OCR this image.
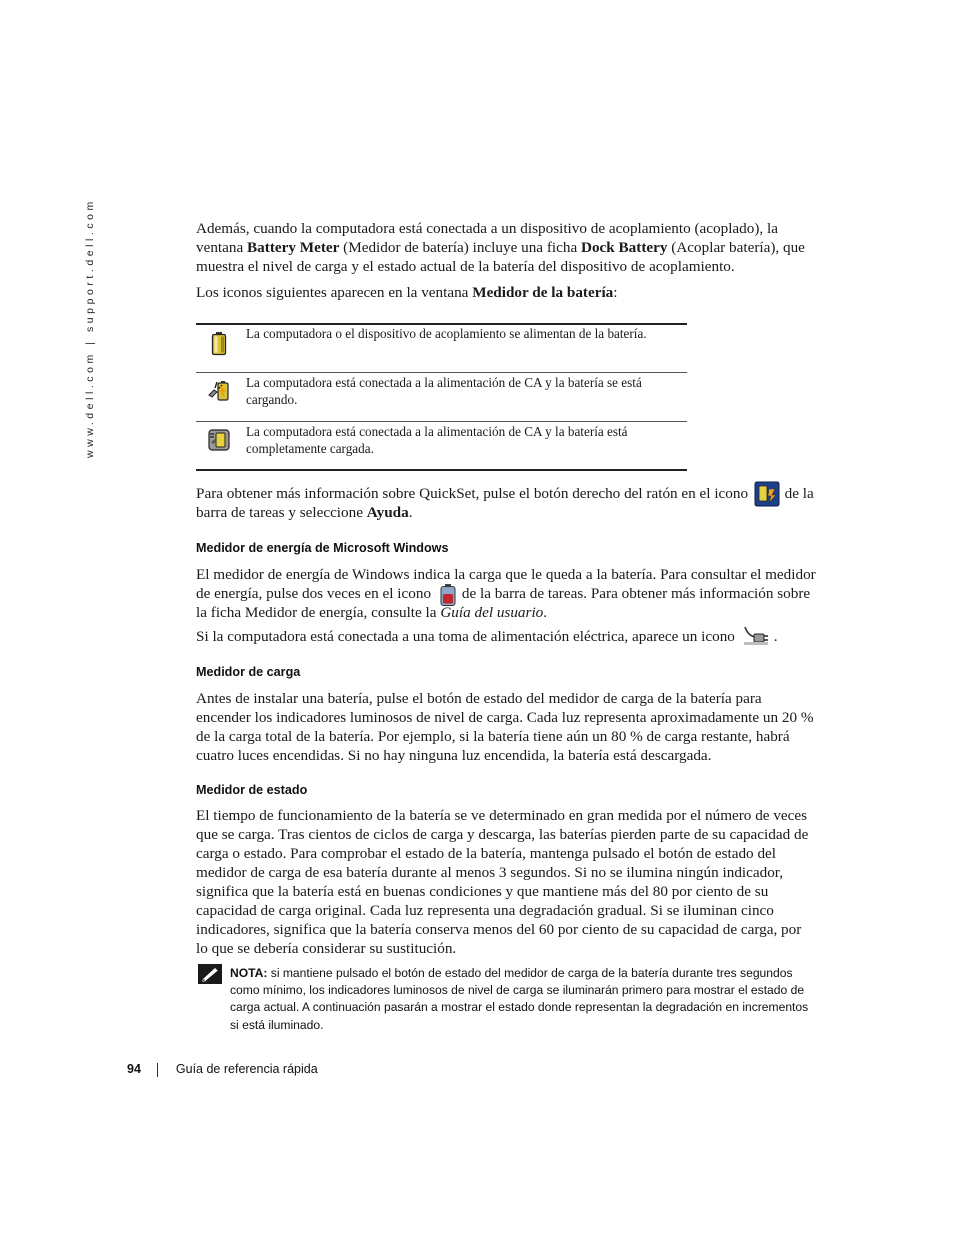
www.dell.com | support.dell.com	Además, cuando la computadora está conectada a un dispositivo de acoplamiento (acoplado), la ventana Battery Meter (Medidor de batería) incluye una ficha Dock Battery (Acoplar batería), que muestra el nivel de carga y el estado actual de la batería del dispositivo de acoplamiento.

Los iconos siguientes aparecen en la ventana Medidor de la batería:

La computadora o el dispositivo de acoplamiento se alimentan de la batería.
La computadora está conectada a la alimentación de CA y la batería se está cargando.
La computadora está conectada a la alimentación de CA y la batería está completamente cargada.

Para obtener más información sobre QuickSet, pulse el botón derecho del ratón en el icono  de la barra de tareas y seleccione Ayuda.

Medidor de energía de Microsoft Windows

El medidor de energía de Windows indica la carga que le queda a la batería. Para consultar el medidor de energía, pulse dos veces en el icono de la barra de tareas. Para obtener más información sobre la ficha Medidor de energía, consulte la Guía del usuario.

Si la computadora está conectada a una toma de alimentación eléctrica, aparece un icono	.

Medidor de carga

Antes de instalar una batería, pulse el botón de estado del medidor de carga de la batería para encender los indicadores luminosos de nivel de carga. Cada luz representa aproximadamente un 20 % de la carga total de la batería. Por ejemplo, si la batería tiene aún un 80 % de carga restante, habrá cuatro luces encendidas. Si no hay ninguna luz encendida, la batería está descargada.

Medidor de estado

El tiempo de funcionamiento de la batería se ve determinado en gran medida por el número de veces que se carga. Tras cientos de ciclos de carga y descarga, las baterías pierden parte de su capacidad de carga o estado. Para comprobar el estado de la batería, mantenga pulsado el botón de estado del medidor de carga de esa batería durante al menos 3 segundos. Si no se ilumina ningún indicador, significa que la batería está en buenas condiciones y que mantiene más del 80 por ciento de su capacidad de carga original. Cada luz representa una degradación gradual. Si se iluminan cinco indicadores, significa que la batería conserva menos del 60 por ciento de su capacidad de carga, por lo que se debería considerar su sustitución.

NOTA: si mantiene pulsado el botón de estado del medidor de carga de la batería durante tres segundos como mínimo, los indicadores luminosos de nivel de carga se iluminarán primero para mostrar el estado de carga actual. A continuación pasarán a mostrar el estado donde representan la degradación en incrementos si está iluminado.

94	Guía de referencia rápida
